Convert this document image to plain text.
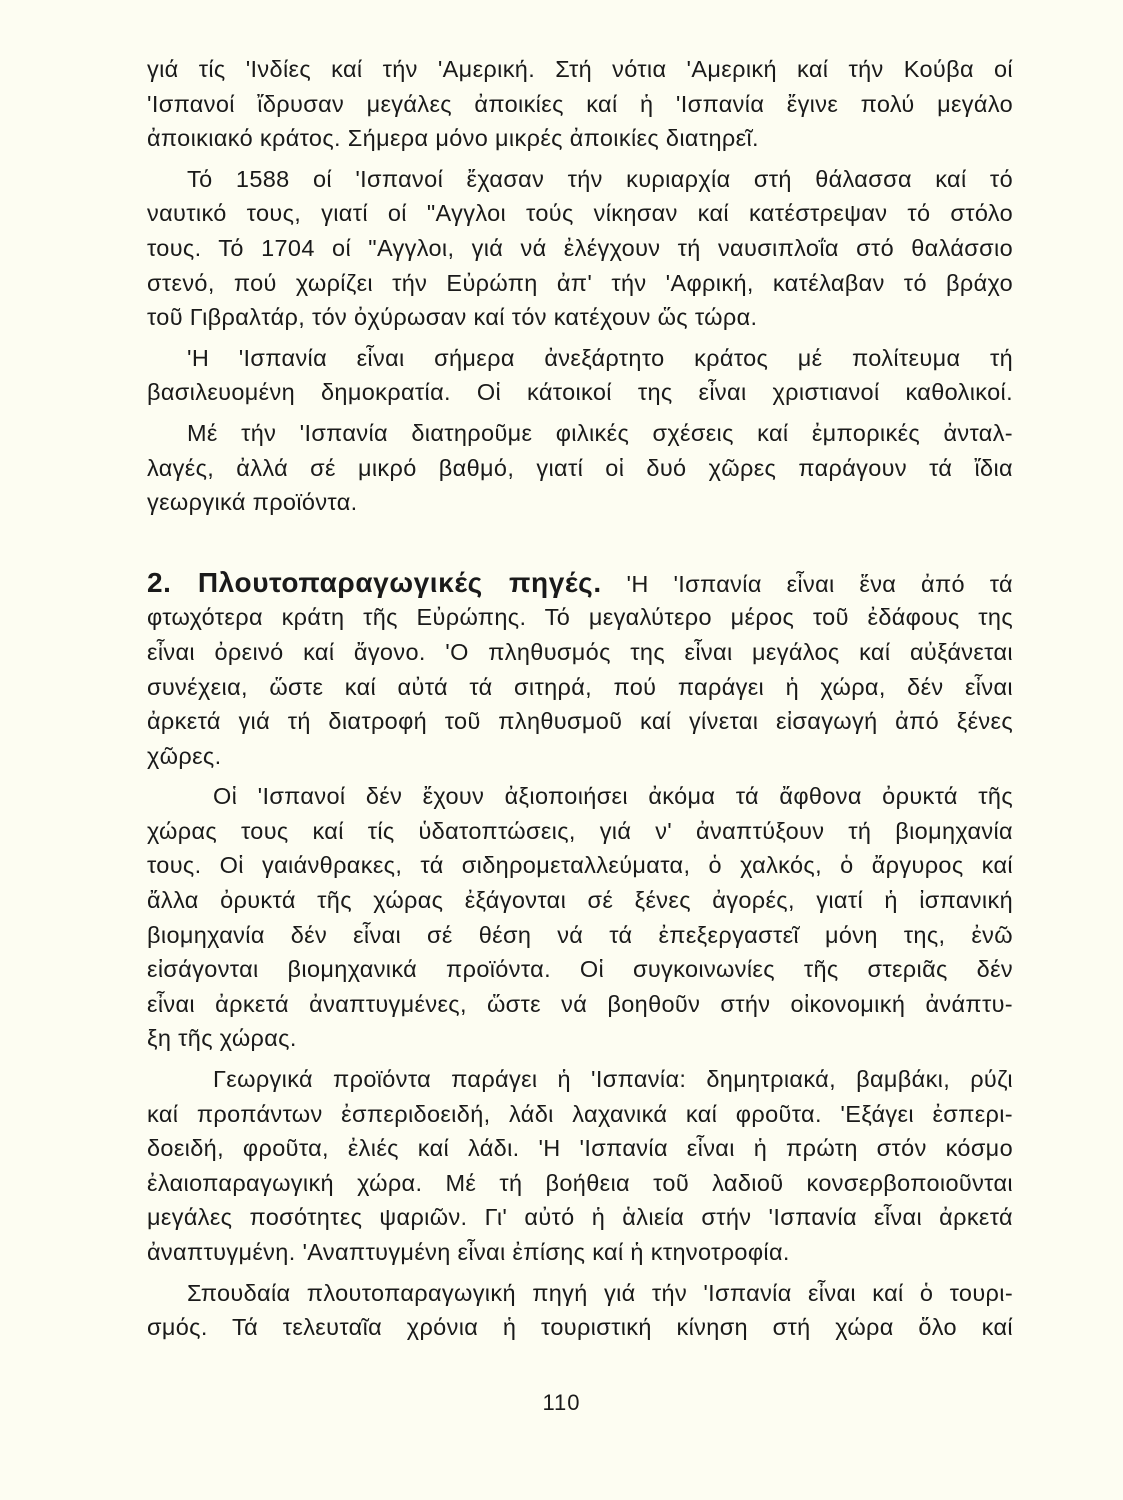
γιά τίς 'Ινδίες καί τήν 'Αμερική. Στή νότια 'Αμερική καί τήν Κούβα οί
'Ισπανοί ἴδρυσαν μεγάλες ἀποικίες καί ἡ 'Ισπανία ἔγινε πολύ μεγάλο
ἀποικιακό κράτος. Σήμερα μόνο μικρές ἀποικίες διατηρεῖ.
Τό 1588 οί 'Ισπανοί ἔχασαν τήν κυριαρχία στή θάλασσα καί τό
ναυτικό τους, γιατί οί "Αγγλοι τούς νίκησαν καί κατέστρεψαν τό στόλο
τους. Τό 1704 οί "Αγγλοι, γιά νά ἐλέγχουν τή ναυσιπλοΐα στό θαλάσσιο
στενό, πού χωρίζει τήν Εὐρώπη ἀπ' τήν 'Αφρική, κατέλαβαν τό βράχο
τοῦ Γιβραλτάρ, τόν ὀχύρωσαν καί τόν κατέχουν ὥς τώρα.
'Η 'Ισπανία εἶναι σήμερα ἀνεξάρτητο κράτος μέ πολίτευμα τή
βασιλευομένη δημοκρατία. Οἱ κάτοικοί της εἶναι χριστιανοί καθολικοί.
Μέ τήν 'Ισπανία διατηροῦμε φιλικές σχέσεις καί ἐμπορικές ἀνταλ-
λαγές, ἀλλά σέ μικρό βαθμό, γιατί οἱ δυό χῶρες παράγουν τά ἴδια
γεωργικά προϊόντα.
2. Πλουτοπαραγωγικές πηγές. 'Η 'Ισπανία εἶναι ἕνα ἀπό τά
φτωχότερα κράτη τῆς Εὐρώπης. Τό μεγαλύτερο μέρος τοῦ ἐδάφους της
εἶναι ὀρεινό καί ἄγονο. 'Ο πληθυσμός της εἶναι μεγάλος καί αὐξάνεται
συνέχεια, ὥστε καί αὐτά τά σιτηρά, πού παράγει ἡ χώρα, δέν εἶναι
ἀρκετά γιά τή διατροφή τοῦ πληθυσμοῦ καί γίνεται εἰσαγωγή ἀπό ξένες
χῶρες.
Οἱ 'Ισπανοί δέν ἔχουν ἀξιοποιήσει ἀκόμα τά ἄφθονα ὀρυκτά τῆς
χώρας τους καί τίς ὑδατοπτώσεις, γιά ν' ἀναπτύξουν τή βιομηχανία
τους. Οἱ γαιάνθρακες, τά σιδηρομεταλλεύματα, ὁ χαλκός, ὁ ἄργυρος καί
ἄλλα ὀρυκτά τῆς χώρας ἐξάγονται σέ ξένες ἀγορές, γιατί ἡ ἰσπανική
βιομηχανία δέν εἶναι σέ θέση νά τά ἐπεξεργαστεῖ μόνη της, ἐνῶ
εἰσάγονται βιομηχανικά προϊόντα. Οἱ συγκοινωνίες τῆς στεριᾶς δέν
εἶναι ἀρκετά ἀναπτυγμένες, ὥστε νά βοηθοῦν στήν οἰκονομική ἀνάπτυ-
ξη τῆς χώρας.
Γεωργικά προϊόντα παράγει ἡ 'Ισπανία: δημητριακά, βαμβάκι, ρύζι
καί προπάντων ἐσπεριδοειδή, λάδι λαχανικά καί φροῦτα. 'Εξάγει ἐσπερι-
δοειδή, φροῦτα, ἐλιές καί λάδι. 'Η 'Ισπανία εἶναι ἡ πρώτη στόν κόσμο
ἐλαιοπαραγωγική χώρα. Μέ τή βοήθεια τοῦ λαδιοῦ κονσερβοποιοῦνται
μεγάλες ποσότητες ψαριῶν. Γι' αὐτό ἡ ἁλιεία στήν 'Ισπανία εἶναι ἀρκετά
ἀναπτυγμένη. 'Αναπτυγμένη εἶναι ἐπίσης καί ἡ κτηνοτροφία.
Σπουδαία πλουτοπαραγωγική πηγή γιά τήν 'Ισπανία εἶναι καί ὁ τουρι-
σμός. Τά τελευταῖα χρόνια ἡ τουριστική κίνηση στή χώρα ὅλο καί
110
